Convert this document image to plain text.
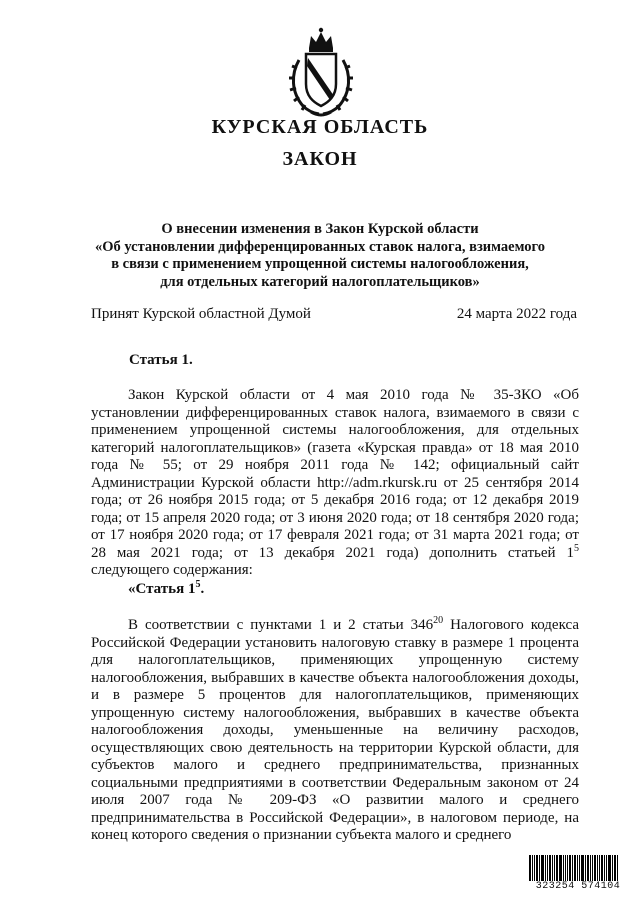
КУРСКАЯ ОБЛАСТЬ
ЗАКОН
О внесении изменения в Закон Курской области
«Об установлении дифференцированных ставок налога, взимаемого
в связи с применением упрощенной системы налогообложения,
для отдельных категорий налогоплательщиков»
Принят Курской областной Думой	24 марта 2022 года
Статья 1.

Закон Курской области от 4 мая 2010 года № 35-ЗКО «Об установлении дифференцированных ставок налога, взимаемого в связи с применением упрощенной системы налогообложения, для отдельных категорий налогоплательщиков» (газета «Курская правда» от 18 мая 2010 года № 55; от 29 ноября 2011 года № 142; официальный сайт Администрации Курской области http://adm.rkursk.ru от 25 сентября 2014 года; от 26 ноября 2015 года; от 5 декабря 2016 года; от 12 декабря 2019 года; от 15 апреля 2020 года; от 3 июня 2020 года; от 18 сентября 2020 года; от 17 ноября 2020 года; от 17 февраля 2021 года; от 31 марта 2021 года; от 28 мая 2021 года; от 13 декабря 2021 года) дополнить статьей $1^5$ следующего содержания:

«Статья $1^5$.

В соответствии с пунктами 1 и 2 статьи $346^{20}$ Налогового кодекса Российской Федерации установить налоговую ставку в размере 1 процента для налогоплательщиков, применяющих упрощенную систему налогообложения, выбравших в качестве объекта налогообложения доходы, и в размере 5 процентов для налогоплательщиков, применяющих упрощенную систему налогообложения, выбравших в качестве объекта налогообложения доходы, уменьшенные на величину расходов, осуществляющих свою деятельность на территории Курской области, для субъектов малого и среднего предпринимательства, признанных социальными предприятиями в соответствии Федеральным законом от 24 июля 2007 года № 209-ФЗ «О развитии малого и среднего предпринимательства в Российской Федерации», в налоговом периоде, на конец которого сведения о признании субъекта малого и среднего

323254 574104
